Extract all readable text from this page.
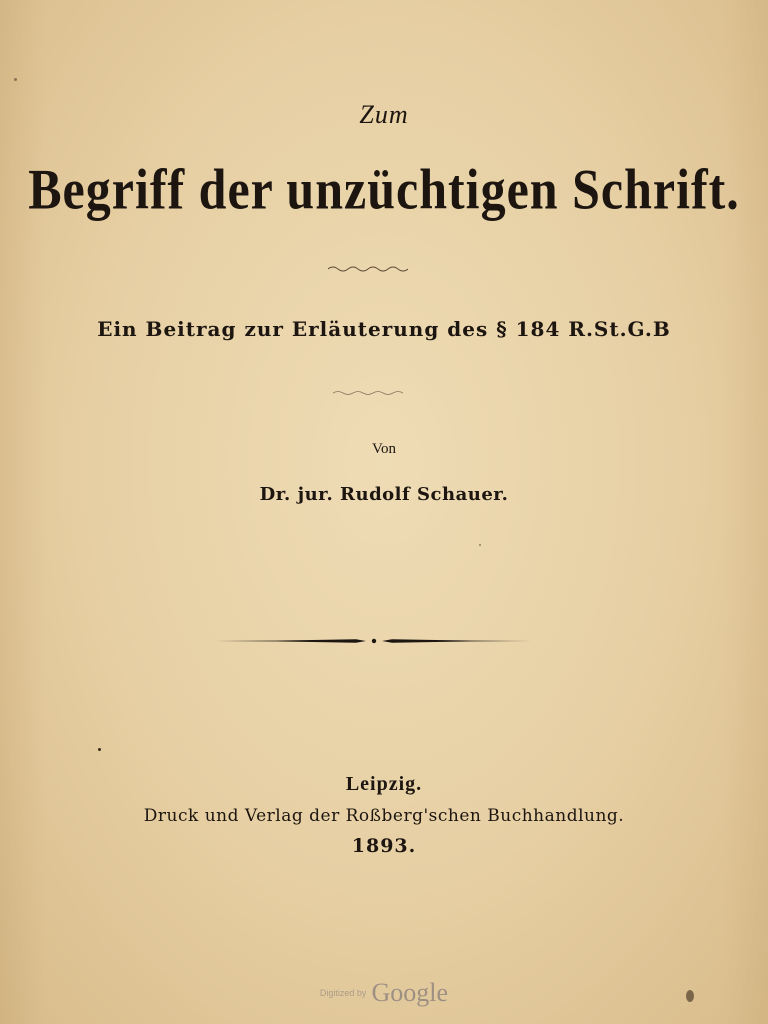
Zum

Begriff der unzüchtigen Schrift.

Ein Beitrag zur Erläuterung des § 184 R.St.G.B

Von

Dr. jur. Rudolf Schauer.

Leipzig.

Druck und Verlag der Roßberg'schen Buchhandlung.

1893.

Digitized by Google
